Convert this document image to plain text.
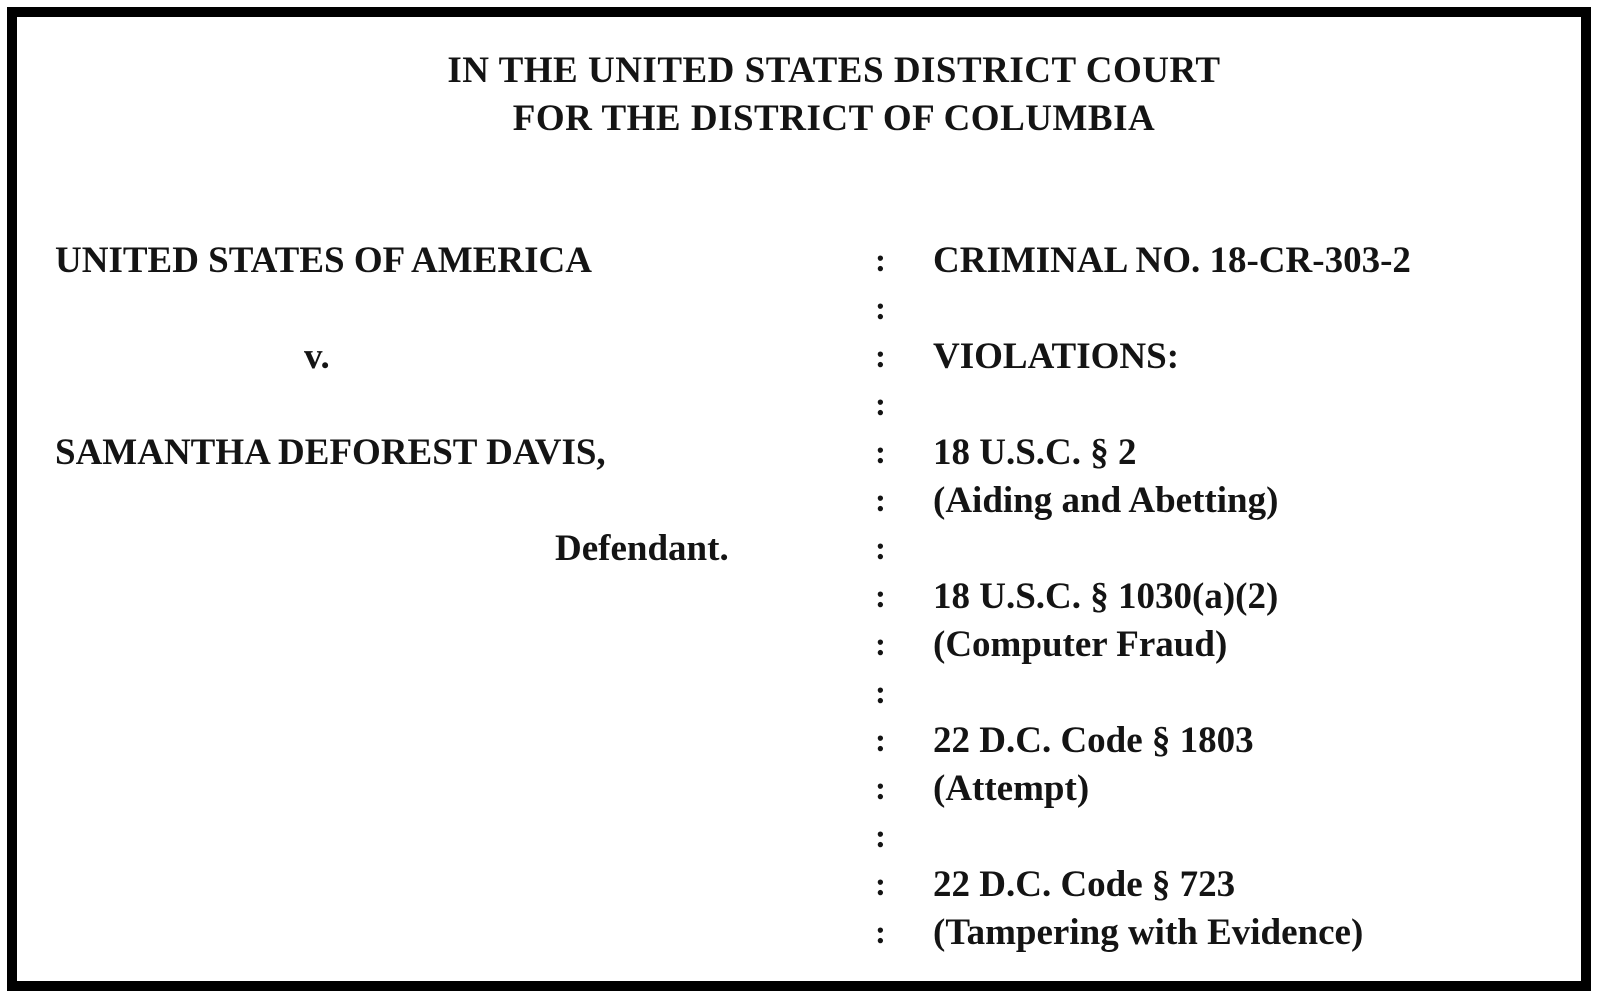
IN THE UNITED STATES DISTRICT COURT
FOR THE DISTRICT OF COLUMBIA
UNITED STATES OF AMERICA
v.
SAMANTHA DEFOREST DAVIS,
Defendant.
:
:
:
:
:
:
:
:
:
:
:
:
:
:
:
CRIMINAL NO. 18-CR-303-2
VIOLATIONS:
18 U.S.C. § 2
(Aiding and Abetting)
18 U.S.C. § 1030(a)(2)
(Computer Fraud)
22 D.C. Code § 1803
(Attempt)
22 D.C. Code § 723
(Tampering with Evidence)
